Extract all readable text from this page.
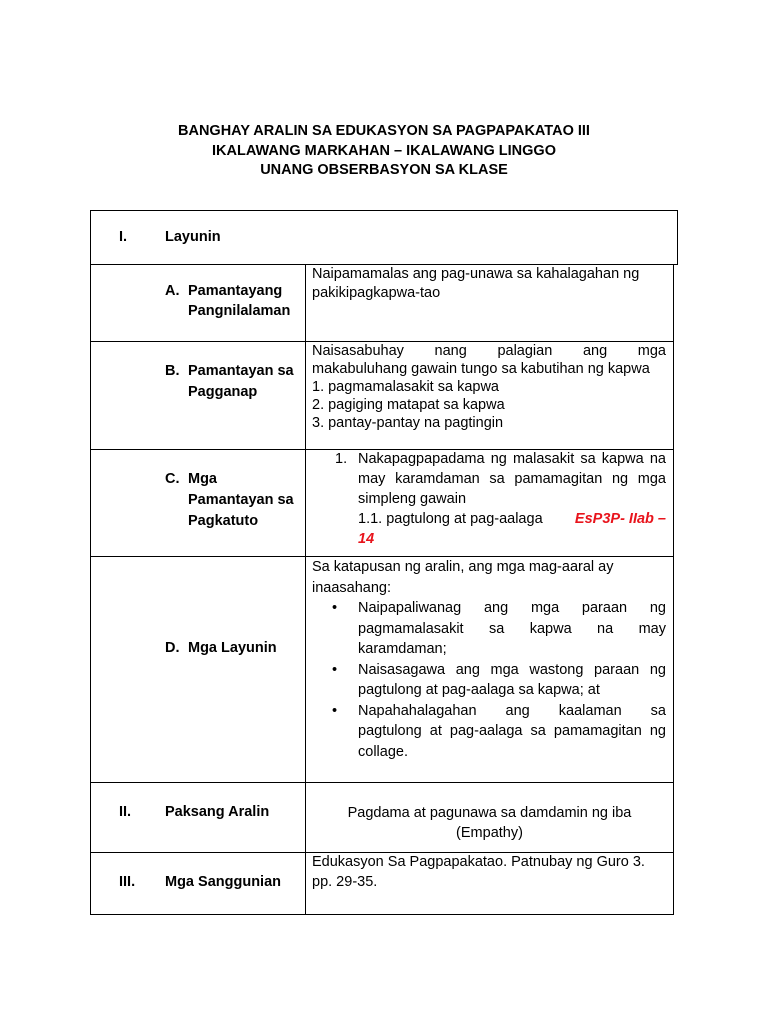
BANGHAY ARALIN SA EDUKASYON SA PAGPAPAKATAO III
IKALAWANG MARKAHAN – IKALAWANG LINGGO
UNANG OBSERBASYON SA KLASE
I.	Layunin
A. Pamantayang
Pangnilalaman
Naipamamalas ang pag-unawa sa kahalagahan ng
pakikipagkapwa-tao
B. Pamantayan sa
Pagganap
Naisasabuhay nang palagian ang mga
makabuluhang gawain tungo sa kabutihan ng kapwa
1. pagmamalasakit sa kapwa
2. pagiging matapat sa kapwa
3. pantay-pantay na pagtingin
C. Mga
Pamantayan sa
Pagkatuto
1. Nakapagpapadama ng malasakit sa kapwa na
may karamdaman sa pamamagitan ng mga
simpleng gawain
1.1. pagtulong at pag-aalaga EsP3P- IIab –
14
D. Mga Layunin
Sa katapusan ng aralin, ang mga mag-aaral ay
inaasahang:
• Naipapaliwanag ang mga paraan ng
pagmamalasakit sa kapwa na may
karamdaman;
• Naisasagawa ang mga wastong paraan ng
pagtulong at pag-aalaga sa kapwa; at
• Napahahalagahan ang kaalaman sa
pagtulong at pag-aalaga sa pamamagitan ng
collage.
II. Paksang Aralin	Pagdama at pagunawa sa damdamin ng iba
(Empathy)
III. Mga Sanggunian
Edukasyon Sa Pagpapakatao. Patnubay ng Guro 3.
pp. 29-35.
